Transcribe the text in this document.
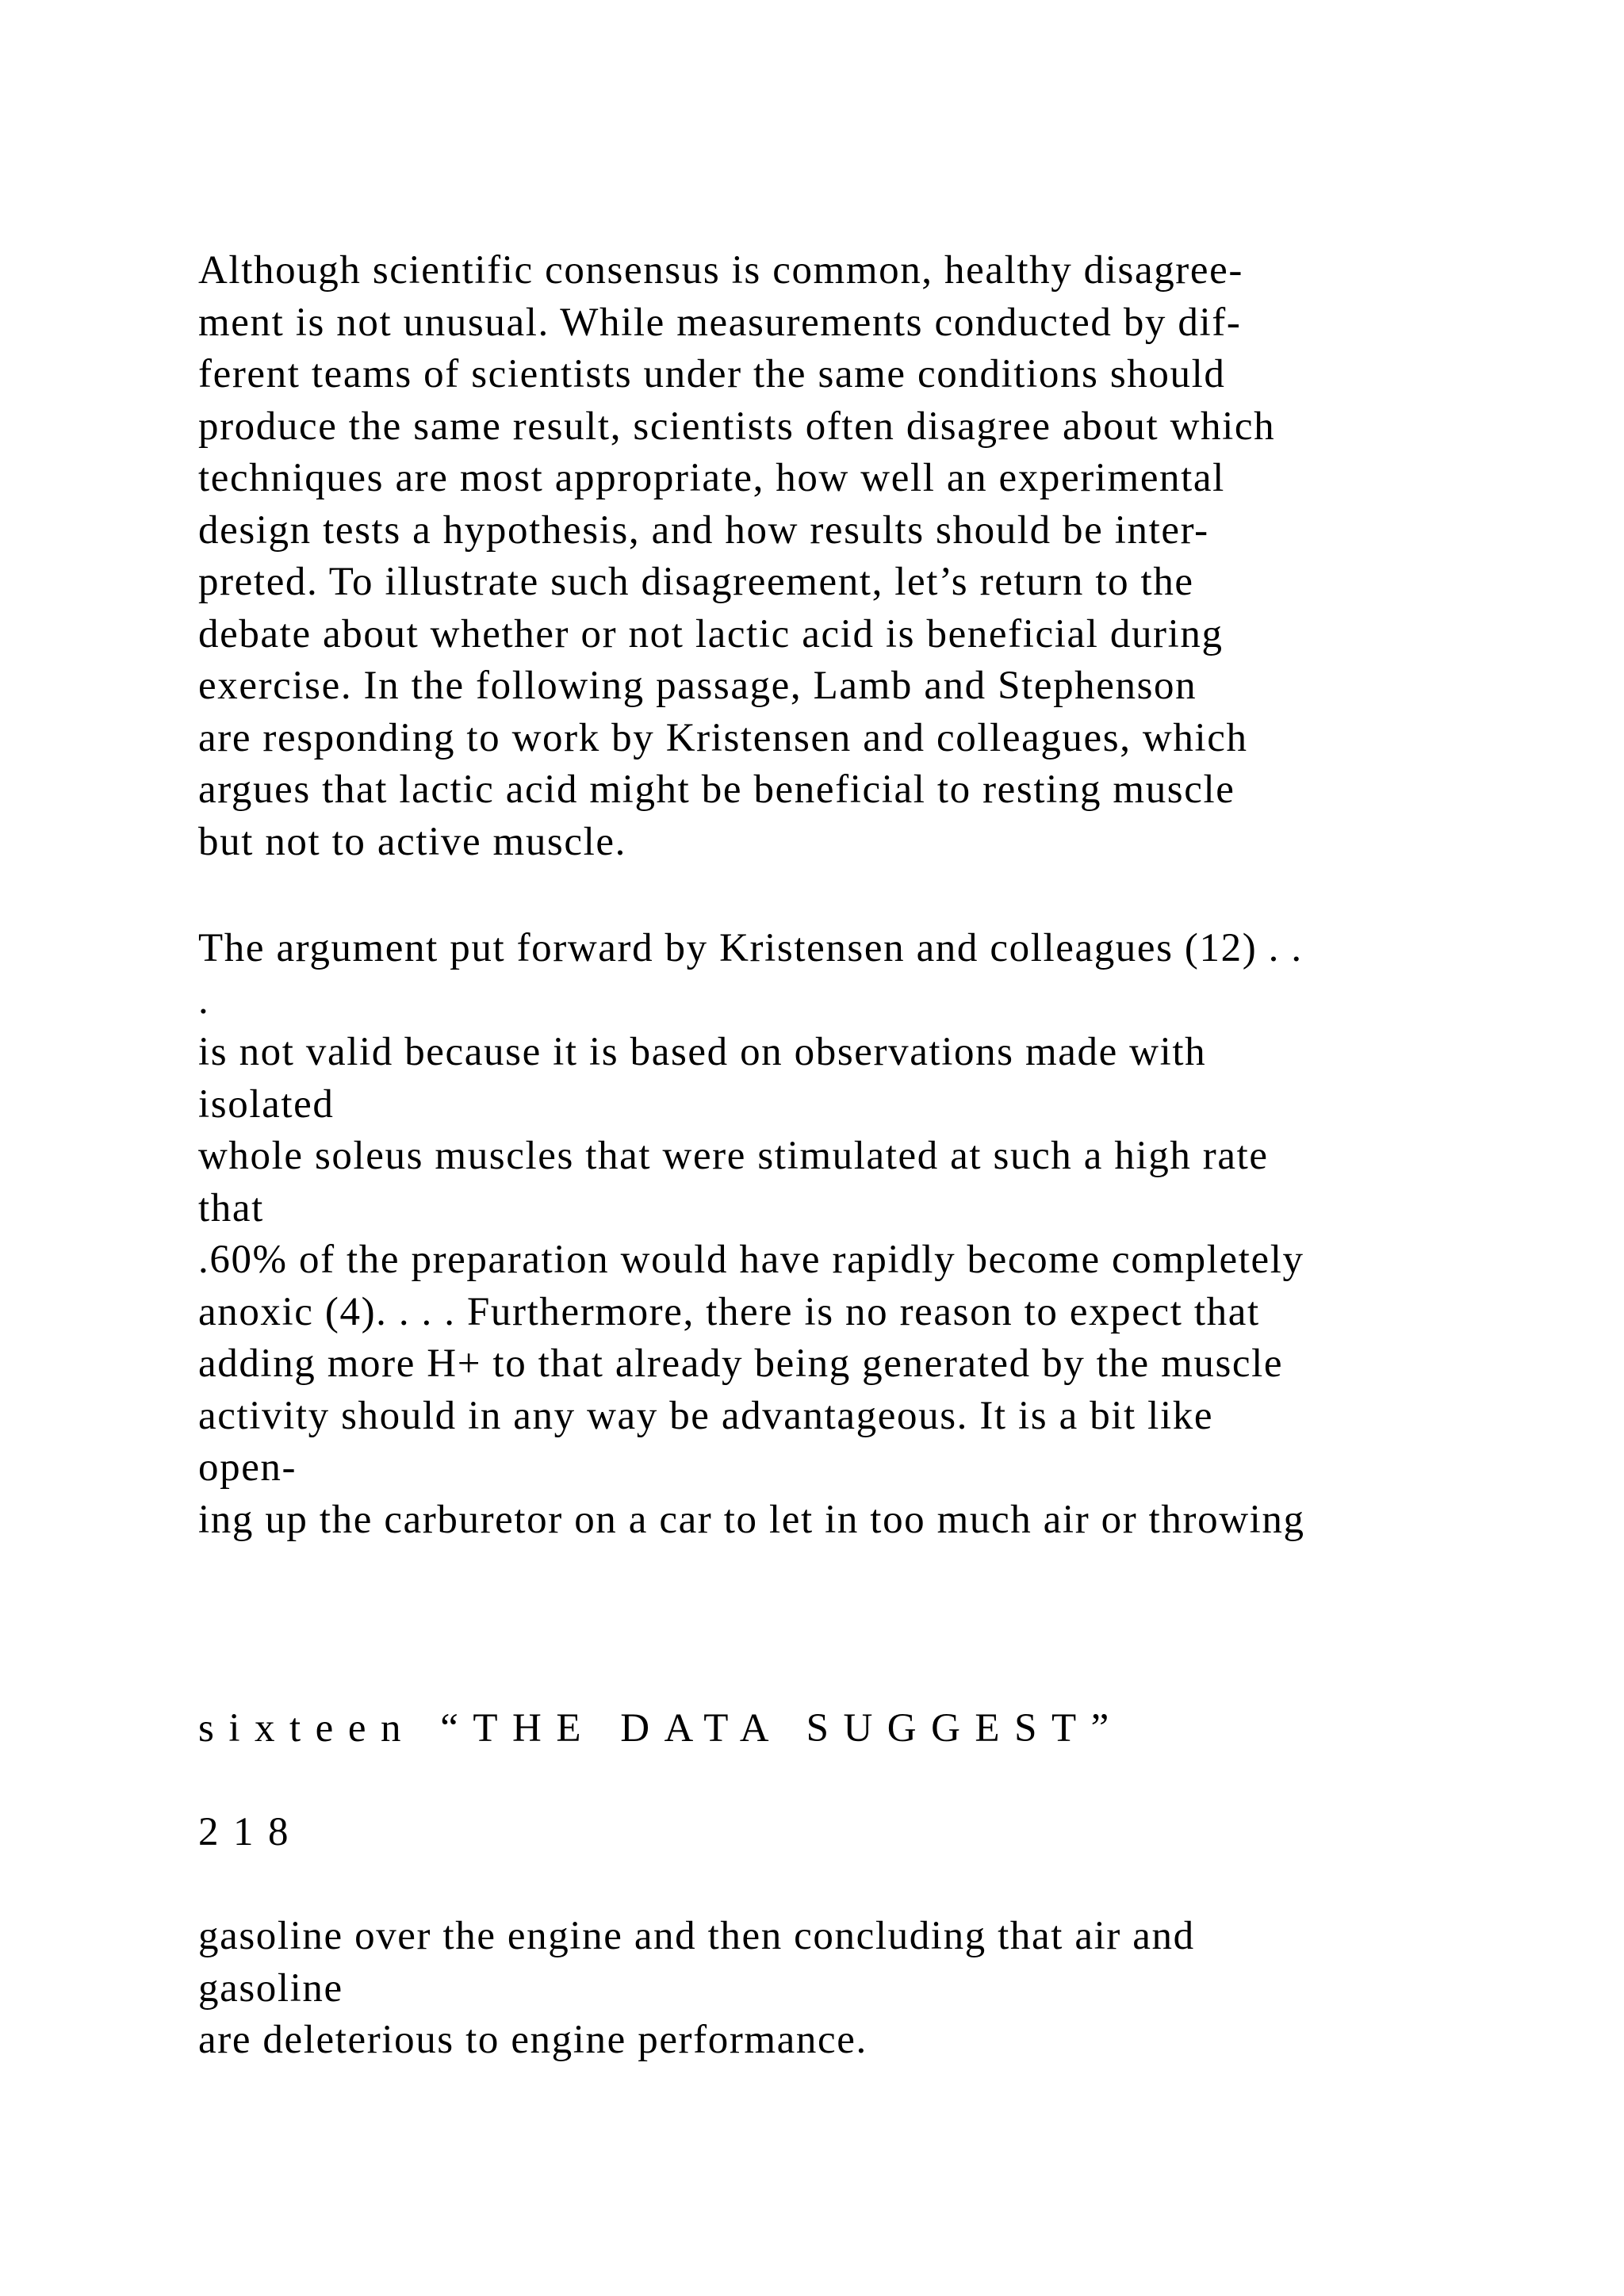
Although scientific consensus is common, healthy disagree-
ment is not unusual. While measurements conducted by dif-
ferent teams of scientists under the same conditions should
produce the same result, scientists often disagree about which
techniques are most appropriate, how well an experimental
design tests a hypothesis, and how results should be inter-
preted. To illustrate such disagreement, let’s return to the
debate about whether or not lactic acid is beneficial during
exercise. In the following passage, Lamb and Stephenson
are responding to work by Kristensen and colleagues, which
argues that lactic acid might be beneficial to resting muscle
but not to active muscle.
The argument put forward by Kristensen and colleagues (12) . .
.
is not valid because it is based on observations made with
isolated
whole soleus muscles that were stimulated at such a high rate
that
.60% of the preparation would have rapidly become completely
anoxic (4). . . . Furthermore, there is no reason to expect that
adding more H+ to that already being generated by the muscle
activity should in any way be advantageous. It is a bit like
open-
ing up the carburetor on a car to let in too much air or throwing
sixteen “THE DATA SUGGEST”
218
gasoline over the engine and then concluding that air and
gasoline
are deleterious to engine performance.
